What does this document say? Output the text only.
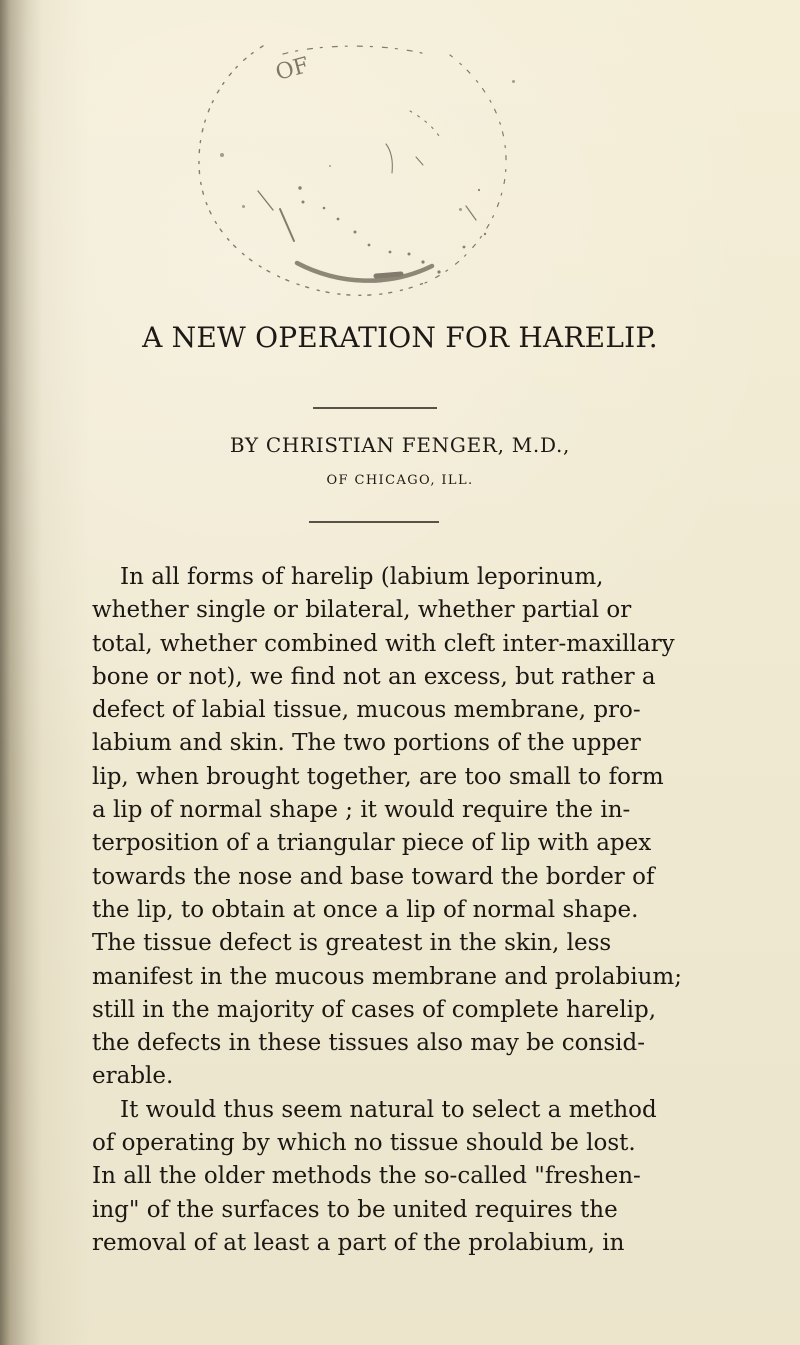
OF
A NEW OPERATION FOR HARELIP.
BY CHRISTIAN FENGER, M.D.,
OF CHICAGO, ILL.
In all forms of harelip (labium leporinum,
whether single or bilateral, whether partial or
total, whether combined with cleft inter-maxillary
bone or not), we find not an excess, but rather a
defect of labial tissue, mucous membrane, pro-
labium and skin. The two portions of the upper
lip, when brought together, are too small to form
a lip of normal shape ; it would require the in-
terposition of a triangular piece of lip with apex
towards the nose and base toward the border of
the lip, to obtain at once a lip of normal shape.
The tissue defect is greatest in the skin, less
manifest in the mucous membrane and prolabium;
still in the majority of cases of complete harelip,
the defects in these tissues also may be consid-
erable.
It would thus seem natural to select a method
of operating by which no tissue should be lost.
In all the older methods the so-called "freshen-
ing" of the surfaces to be united requires the
removal of at least a part of the prolabium, in
